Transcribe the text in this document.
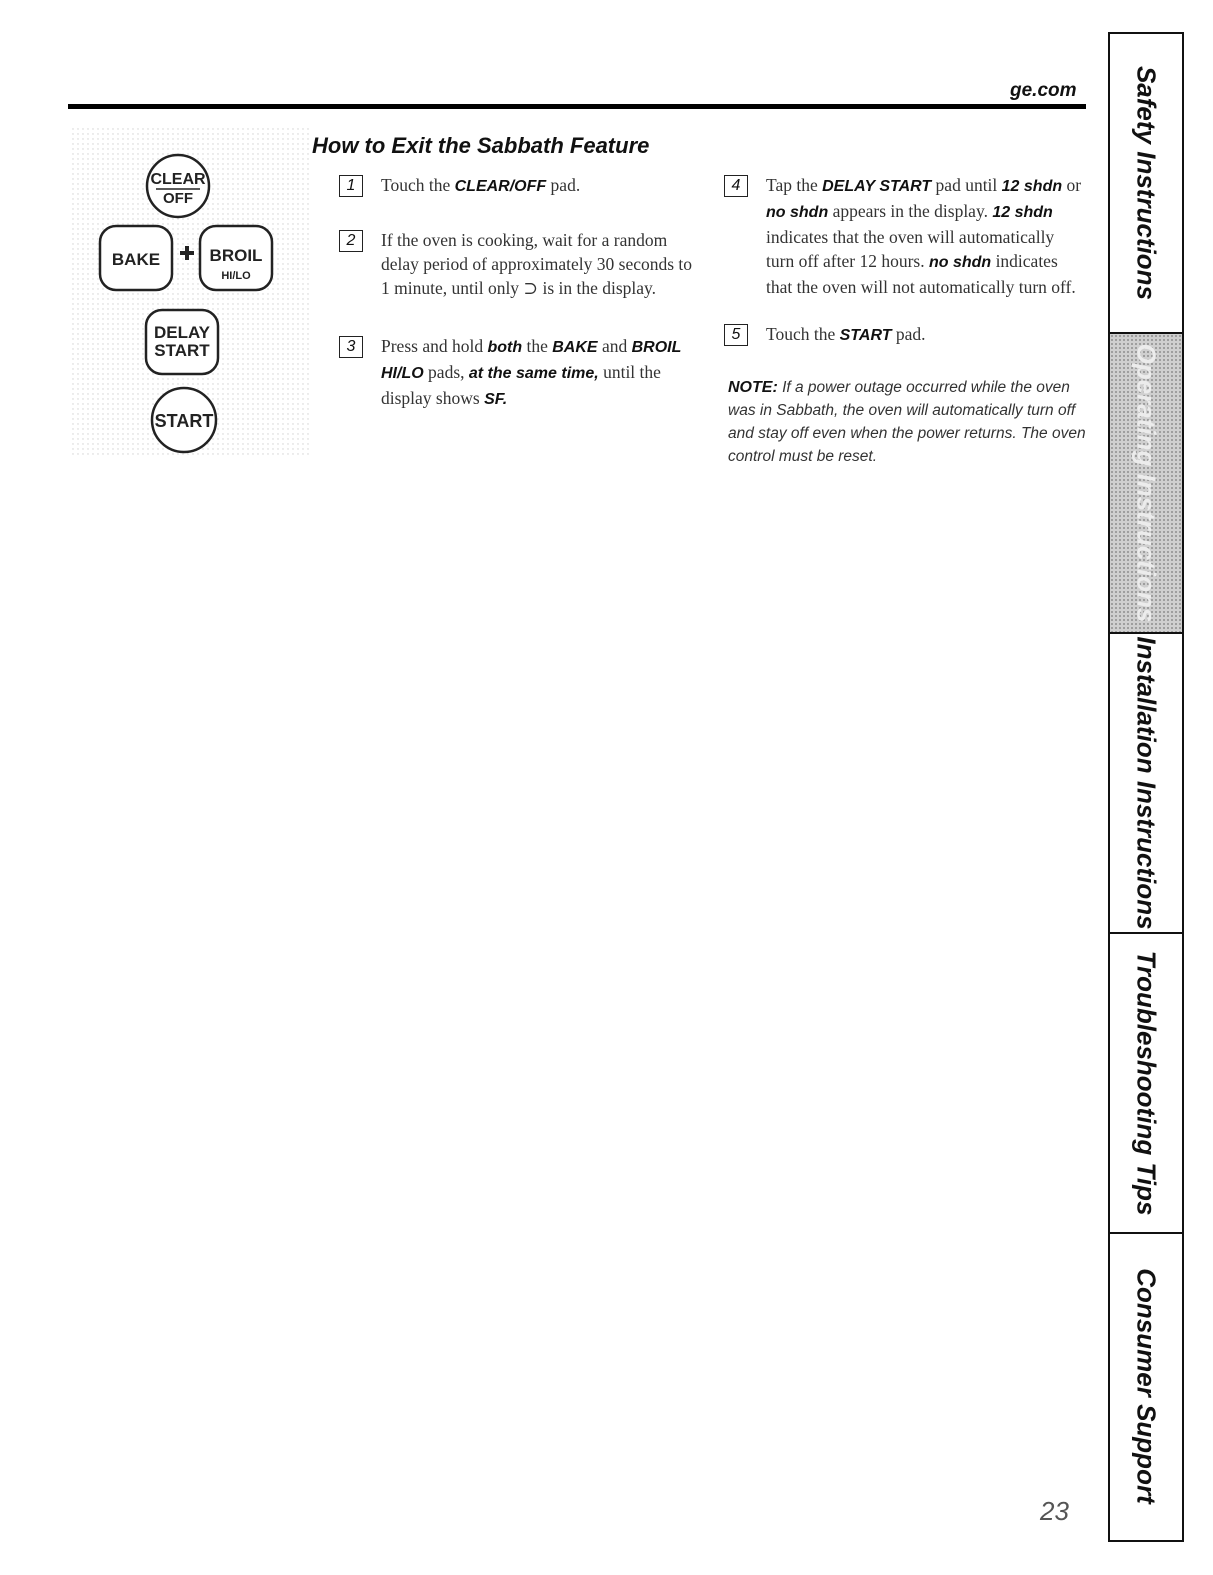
ge.com
CLEAR
OFF
BAKE	BROIL
HI/LO
DELAY
START
START
How to Exit the Sabbath Feature
1	Touch the CLEAR/OFF pad.
2	If the oven is cooking, wait for a random delay period of approximately 30 seconds to 1 minute, until only ⊃ is in the display.
3	Press and hold both the BAKE and BROIL HI/LO pads, at the same time, until the display shows SF.
4	Tap the DELAY START pad until 12 shdn or no shdn appears in the display. 12 shdn indicates that the oven will automatically turn off after 12 hours. no shdn indicates that the oven will not automatically turn off.
5	Touch the START pad.
NOTE: If a power outage occurred while the oven was in Sabbath, the oven will automatically turn off and stay off even when the power returns. The oven control must be reset.
23
Safety Instructions
Operating Instructions
Installation Instructions
Troubleshooting Tips
Consumer Support
